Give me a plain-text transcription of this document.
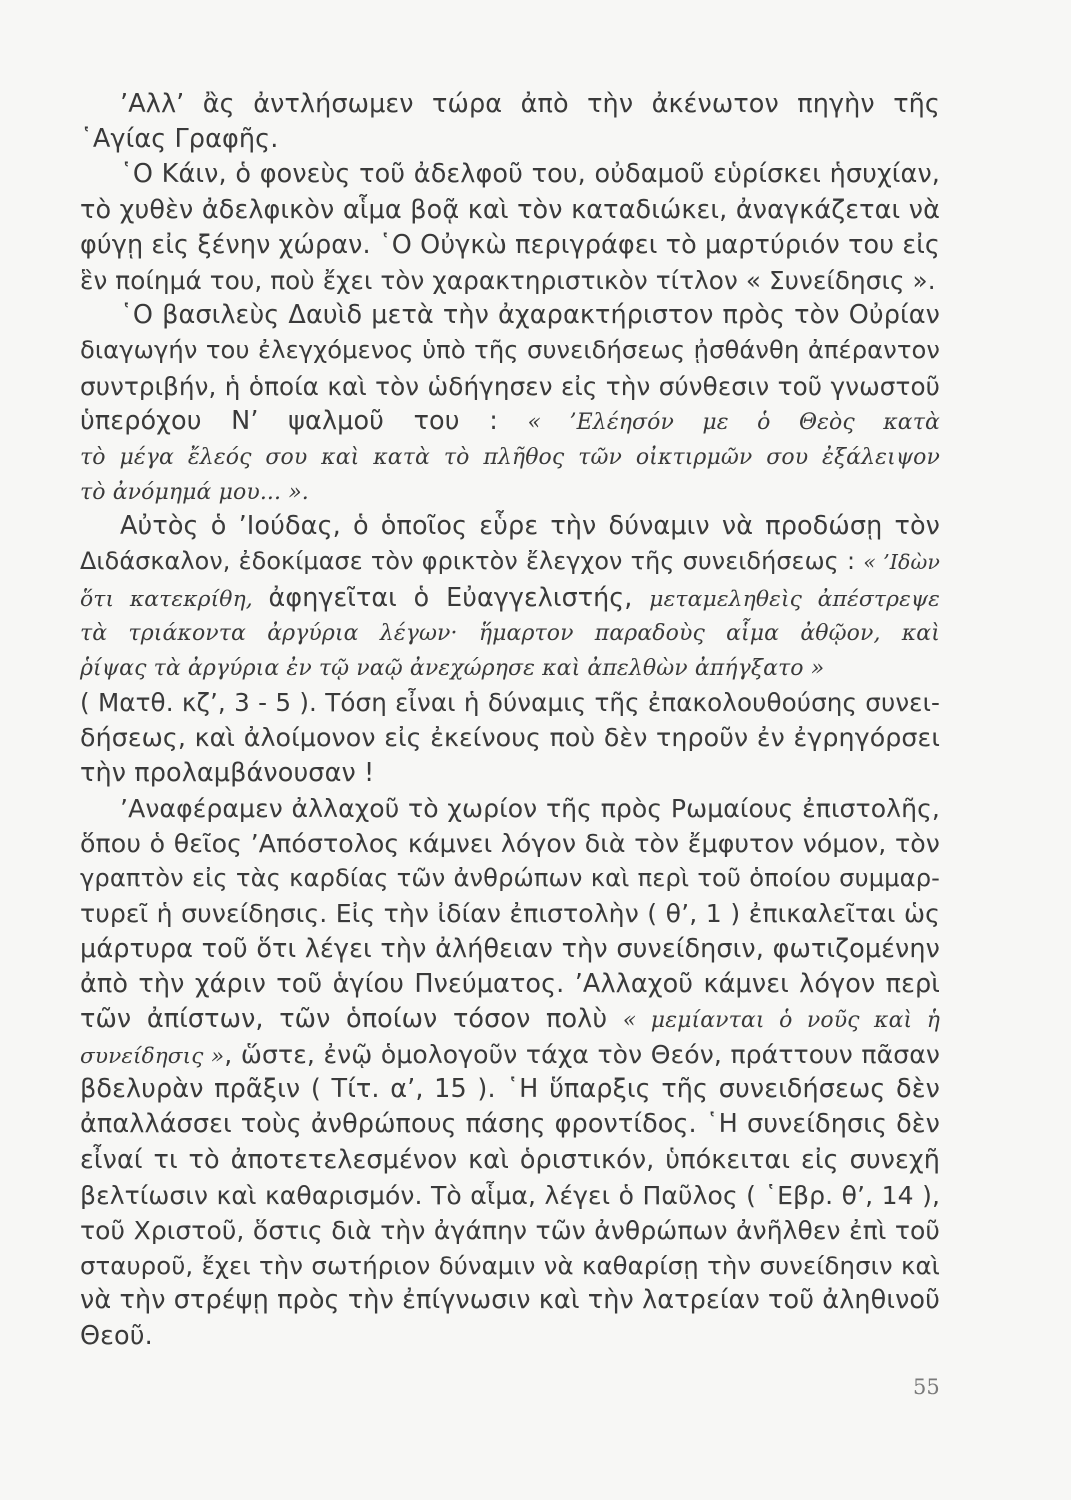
’Αλλ’ ἂς ἀντλήσωμεν τώρα ἀπὸ τὴν ἀκένωτον πηγὴν τῆς
῾Αγίας Γραφῆς.
῾Ο Κάιν, ὁ φονεὺς τοῦ ἀδελφοῦ του, οὐδαμοῦ εὑρίσκει ἡσυχίαν,
τὸ χυθὲν ἀδελφικὸν αἷμα βοᾷ καὶ τὸν καταδιώκει, ἀναγκάζεται νὰ
φύγῃ εἰς ξένην χώραν. ῾Ο Οὐγκὼ περιγράφει τὸ μαρτύριόν του εἰς
ἓν ποίημά του, ποὺ ἔχει τὸν χαρακτηριστικὸν τίτλον « Συνείδησις ».
῾Ο βασιλεὺς Δαυὶδ μετὰ τὴν ἀχαρακτήριστον πρὸς τὸν Οὐρίαν
διαγωγήν του ἐλεγχόμενος ὑπὸ τῆς συνειδήσεως ᾐσθάνθη ἀπέραντον
συντριβήν, ἡ ὁποία καὶ τὸν ὡδήγησεν εἰς τὴν σύνθεσιν τοῦ γνωστοῦ
ὑπερόχου Ν’ ψαλμοῦ του : « ’Ελέησόν με ὁ Θεὸς κατὰ
τὸ μέγα ἔλεός σου καὶ κατὰ τὸ πλῆθος τῶν οἰκτιρμῶν σου ἐξάλειψον
τὸ ἀνόμημά μου... ».
Αὐτὸς ὁ ’Ιούδας, ὁ ὁποῖος εὗρε τὴν δύναμιν νὰ προδώσῃ τὸν
Διδάσκαλον, ἐδοκίμασε τὸν φρικτὸν ἔλεγχον τῆς συνειδήσεως : « ’Ιδὼν
ὅτι κατεκρίθη, ἀφηγεῖται ὁ Εὐαγγελιστής, μεταμεληθεὶς ἀπέστρεψε
τὰ τριάκοντα ἀργύρια λέγων· ἥμαρτον παραδοὺς αἷμα ἀθῷον, καὶ
ῥίψας τὰ ἀργύρια ἐν τῷ ναῷ ἀνεχώρησε καὶ ἀπελθὼν ἀπήγξατο »
( Ματθ. κζ’, 3 - 5 ). Τόση εἶναι ἡ δύναμις τῆς ἐπακολουθούσης συνει-
δήσεως, καὶ ἀλοίμονον εἰς ἐκείνους ποὺ δὲν τηροῦν ἐν ἐγρηγόρσει
τὴν προλαμβάνουσαν !
’Αναφέραμεν ἀλλαχοῦ τὸ χωρίον τῆς πρὸς Ρωμαίους ἐπιστολῆς,
ὅπου ὁ θεῖος ’Απόστολος κάμνει λόγον διὰ τὸν ἔμφυτον νόμον, τὸν
γραπτὸν εἰς τὰς καρδίας τῶν ἀνθρώπων καὶ περὶ τοῦ ὁποίου συμμαρ-
τυρεῖ ἡ συνείδησις. Εἰς τὴν ἰδίαν ἐπιστολὴν ( θ’, 1 ) ἐπικαλεῖται ὡς
μάρτυρα τοῦ ὅτι λέγει τὴν ἀλήθειαν τὴν συνείδησιν, φωτιζομένην
ἀπὸ τὴν χάριν τοῦ ἁγίου Πνεύματος. ’Αλλαχοῦ κάμνει λόγον περὶ
τῶν ἀπίστων, τῶν ὁποίων τόσον πολὺ « μεμίανται ὁ νοῦς καὶ ἡ
συνείδησις », ὥστε, ἐνῷ ὁμολογοῦν τάχα τὸν Θεόν, πράττουν πᾶσαν
βδελυρὰν πρᾶξιν ( Τίτ. α’, 15 ). ῾Η ὕπαρξις τῆς συνειδήσεως δὲν
ἀπαλλάσσει τοὺς ἀνθρώπους πάσης φροντίδος. ῾Η συνείδησις δὲν
εἶναί τι τὸ ἀποτετελεσμένον καὶ ὁριστικόν, ὑπόκειται εἰς συνεχῆ
βελτίωσιν καὶ καθαρισμόν. Τὸ αἷμα, λέγει ὁ Παῦλος ( ῾Εβρ. θ’, 14 ),
τοῦ Χριστοῦ, ὅστις διὰ τὴν ἀγάπην τῶν ἀνθρώπων ἀνῆλθεν ἐπὶ τοῦ
σταυροῦ, ἔχει τὴν σωτήριον δύναμιν νὰ καθαρίσῃ τὴν συνείδησιν καὶ
νὰ τὴν στρέψῃ πρὸς τὴν ἐπίγνωσιν καὶ τὴν λατρείαν τοῦ ἀληθινοῦ
Θεοῦ.
55
